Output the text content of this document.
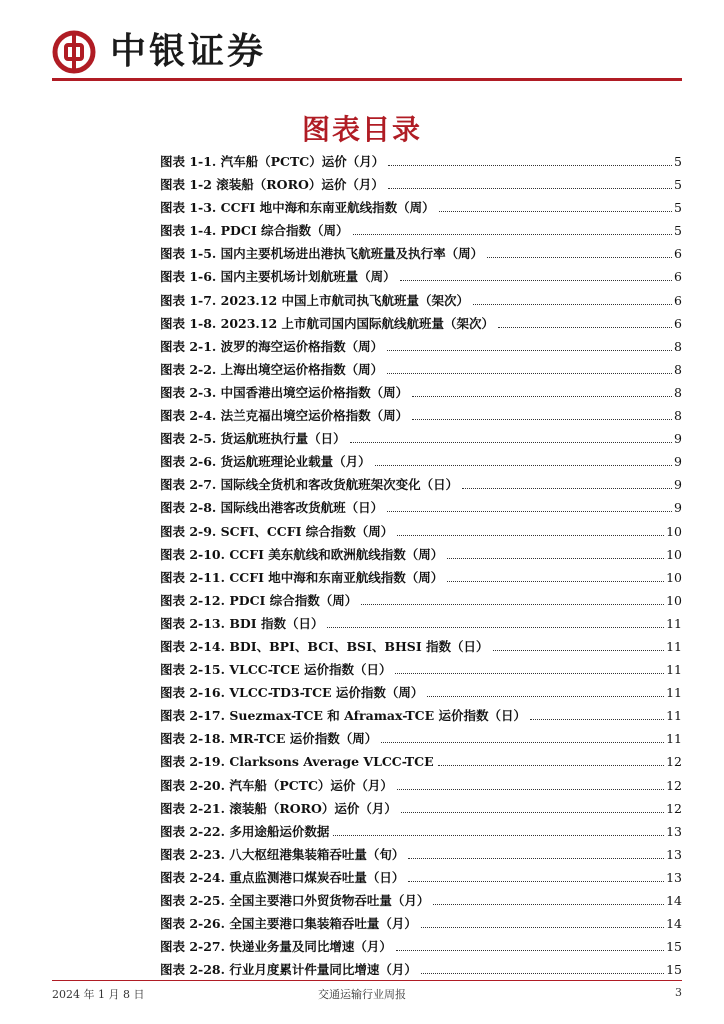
中银证券
图表目录
图表 1-1. 汽车船（PCTC）运价（月）	5
图表 1-2 滚装船（RORO）运价（月）	5
图表 1-3. CCFI 地中海和东南亚航线指数（周）	5
图表 1-4. PDCI 综合指数（周）	5
图表 1-5. 国内主要机场进出港执飞航班量及执行率（周）	6
图表 1-6. 国内主要机场计划航班量（周）	6
图表 1-7. 2023.12 中国上市航司执飞航班量（架次）	6
图表 1-8. 2023.12 上市航司国内国际航线航班量（架次）	6
图表 2-1. 波罗的海空运价格指数（周）	8
图表 2-2. 上海出境空运价格指数（周）	8
图表 2-3. 中国香港出境空运价格指数（周）	8
图表 2-4. 法兰克福出境空运价格指数（周）	8
图表 2-5. 货运航班执行量（日）	9
图表 2-6. 货运航班理论业载量（月）	9
图表 2-7. 国际线全货机和客改货航班架次变化（日）	9
图表 2-8. 国际线出港客改货航班（日）	9
图表 2-9. SCFI、CCFI 综合指数（周）	10
图表 2-10. CCFI 美东航线和欧洲航线指数（周）	10
图表 2-11. CCFI 地中海和东南亚航线指数（周）	10
图表 2-12. PDCI 综合指数（周）	10
图表 2-13. BDI 指数（日）	11
图表 2-14. BDI、BPI、BCI、BSI、BHSI 指数（日）	11
图表 2-15. VLCC-TCE 运价指数（日）	11
图表 2-16. VLCC-TD3-TCE 运价指数（周）	11
图表 2-17. Suezmax-TCE 和 Aframax-TCE 运价指数（日）	11
图表 2-18. MR-TCE 运价指数（周）	11
图表 2-19. Clarksons Average VLCC-TCE	12
图表 2-20. 汽车船（PCTC）运价（月）	12
图表 2-21. 滚装船（RORO）运价（月）	12
图表 2-22. 多用途船运价数据	13
图表 2-23. 八大枢纽港集装箱吞吐量（旬）	13
图表 2-24. 重点监测港口煤炭吞吐量（日）	13
图表 2-25. 全国主要港口外贸货物吞吐量（月）	14
图表 2-26. 全国主要港口集装箱吞吐量（月）	14
图表 2-27. 快递业务量及同比增速（月）	15
图表 2-28. 行业月度累计件量同比增速（月）	15
2024 年 1 月 8 日	交通运输行业周报	3
